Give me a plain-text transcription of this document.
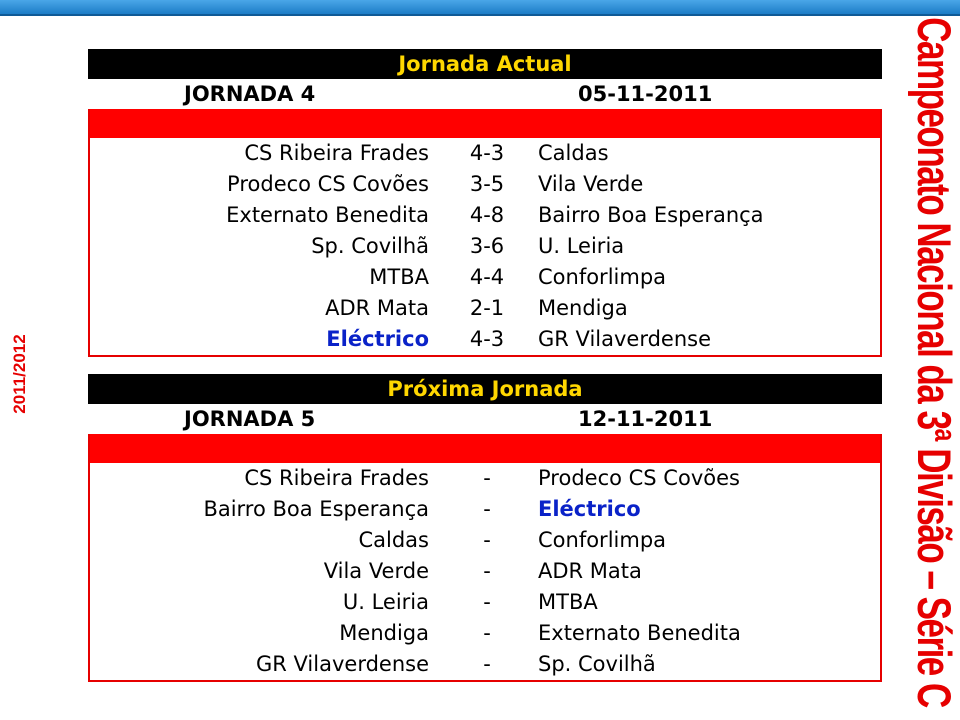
2011/2012	Campeonato Nacional da 3ª Divisão – Série C
Jornada Actual
JORNADA 4	05-11-2011
CS Ribeira Frades	4-3	Caldas
Prodeco CS Covões	3-5	Vila Verde
Externato Benedita	4-8	Bairro Boa Esperança
Sp. Covilhã	3-6	U. Leiria
MTBA	4-4	Conforlimpa
ADR Mata	2-1	Mendiga
Eléctrico	4-3	GR Vilaverdense
Próxima Jornada
JORNADA 5	12-11-2011
CS Ribeira Frades	-	Prodeco CS Covões
Bairro Boa Esperança	-	Eléctrico
Caldas	-	Conforlimpa
Vila Verde	-	ADR Mata
U. Leiria	-	MTBA
Mendiga	-	Externato Benedita
GR Vilaverdense	-	Sp. Covilhã
